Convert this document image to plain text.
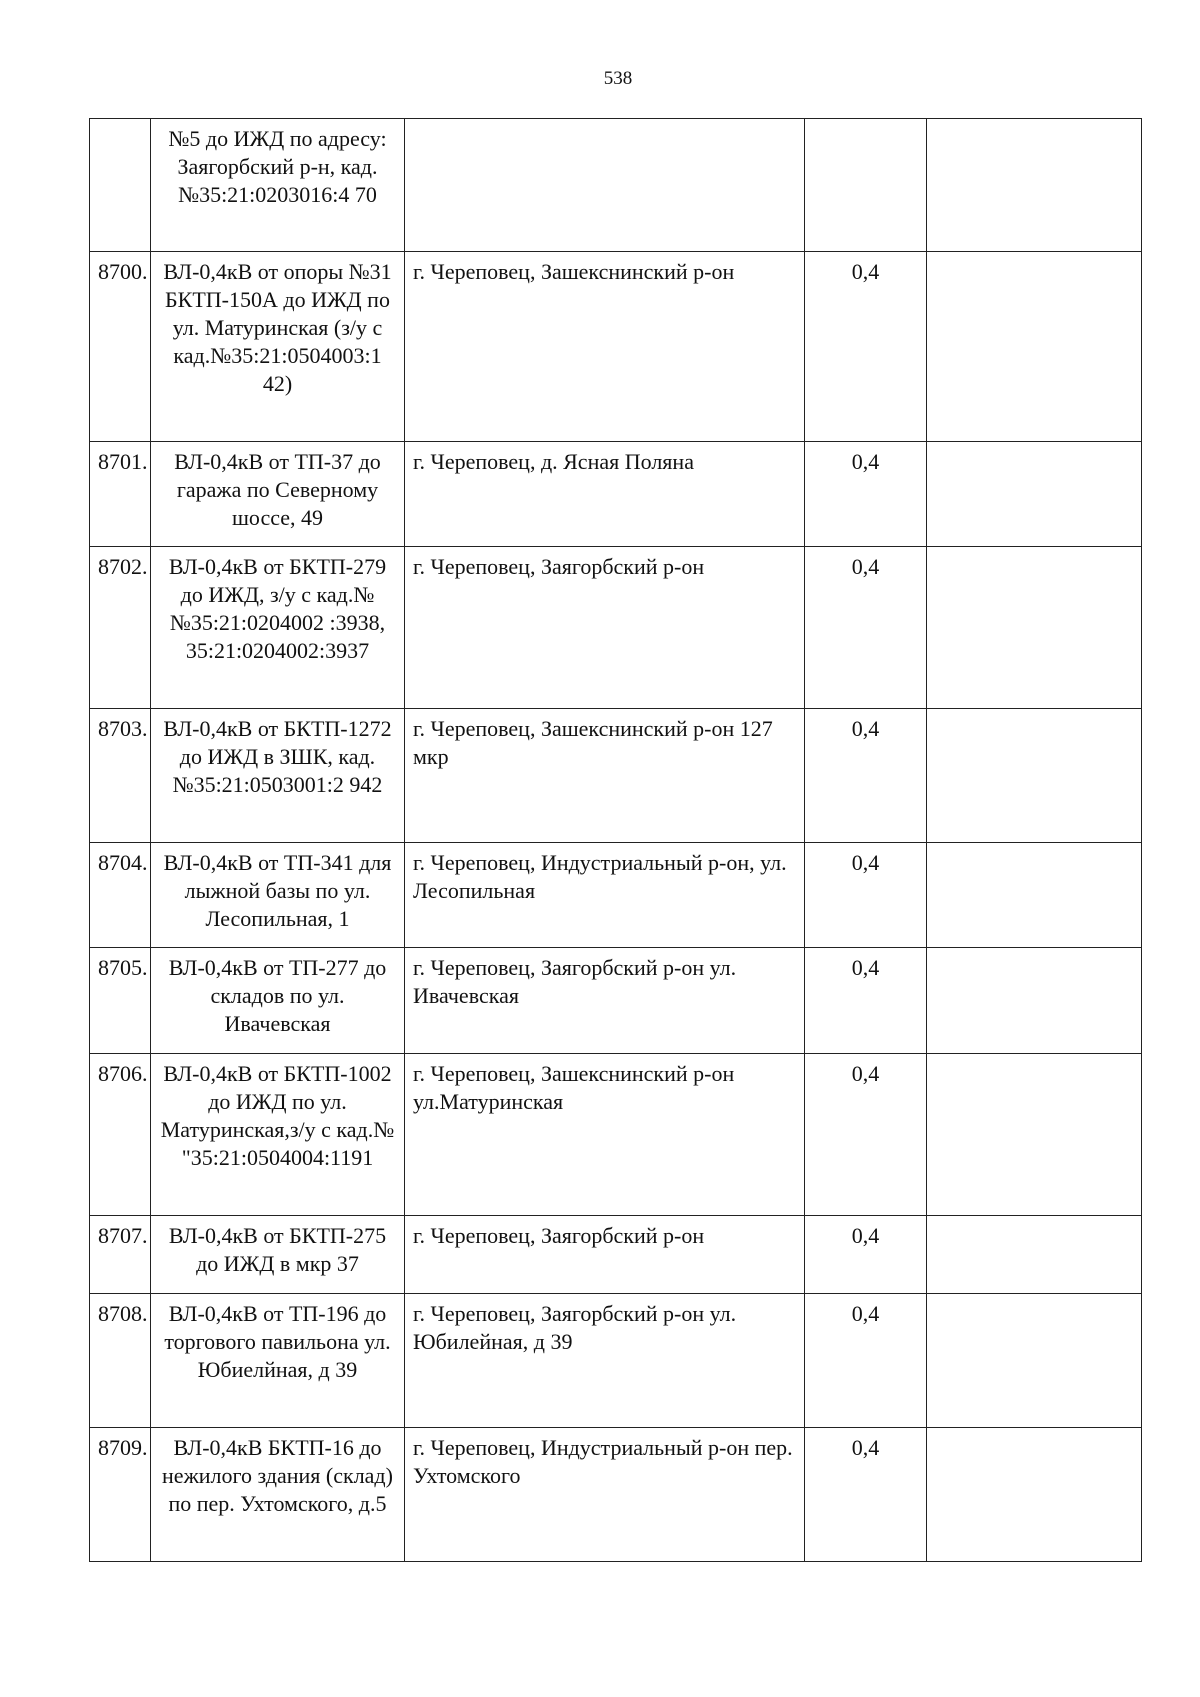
538
	№5 до ИЖД по адресу: Заягорбский р-н, кад.№35:21:0203016:4 70			
8700.	ВЛ-0,4кВ от опоры №31 БКТП-150А до ИЖД по ул. Матуринская (з/у с кад.№35:21:0504003:1 42)	г. Череповец, Зашекснинский р-он	0,4	
8701.	ВЛ-0,4кВ от ТП-37 до гаража по Северному шоссе, 49	г. Череповец, д. Ясная Поляна	0,4	
8702.	ВЛ-0,4кВ от БКТП-279 до ИЖД, з/у с кад.№№35:21:0204002 :3938, 35:21:0204002:3937	г. Череповец, Заягорбский р-он	0,4	
8703.	ВЛ-0,4кВ от БКТП-1272 до ИЖД в ЗШК, кад.№35:21:0503001:2 942	г. Череповец, Зашекснинский р-он 127 мкр	0,4	
8704.	ВЛ-0,4кВ от ТП-341 для лыжной базы по ул. Лесопильная, 1	г. Череповец, Индустриальный р-он, ул. Лесопильная	0,4	
8705.	ВЛ-0,4кВ от ТП-277 до складов по ул. Ивачевская	г. Череповец, Заягорбский р-он ул. Ивачевская	0,4	
8706.	ВЛ-0,4кВ от БКТП-1002 до ИЖД по ул. Матуринская,з/у с кад.№ "35:21:0504004:1191	г. Череповец, Зашекснинский р-он ул.Матуринская	0,4	
8707.	ВЛ-0,4кВ от БКТП-275 до ИЖД в мкр 37	г. Череповец, Заягорбский р-он	0,4	
8708.	ВЛ-0,4кВ от ТП-196 до торгового павильона ул. Юбиелйная, д 39	г. Череповец, Заягорбский р-он ул. Юбилейная, д 39	0,4	
8709.	ВЛ-0,4кВ БКТП-16 до нежилого здания (склад) по пер. Ухтомского, д.5	г. Череповец, Индустриальный р-он пер. Ухтомского	0,4	
